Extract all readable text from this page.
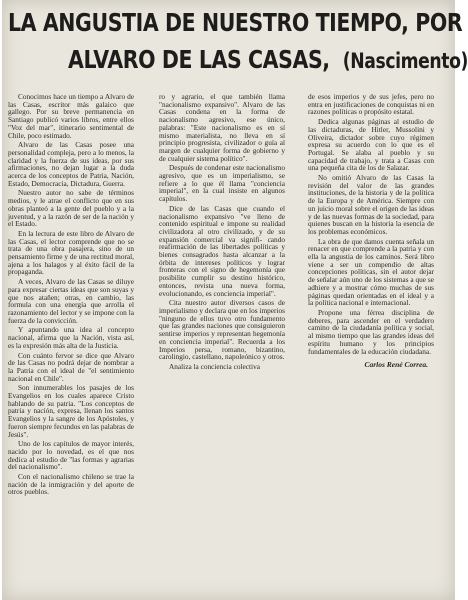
LA ANGUSTIA DE NUESTRO TIEMPO, POR
ALVARO DE LAS CASAS, (Nascimento)

Conocimos hace un tiempo a Alvaro de las Casas, escritor más galaico que gallego. Por su breve permanencia en Santiago publicó varios libros, entre ellos "Voz del mar", itinerario sentimental de Chile, poco estimado.

Alvaro de las Casas posee una personalidad compleja, pero a lo menos, la claridad y la fuerza de sus ideas, por sus afirmaciones, no dejan lugar a la duda acerca de los conceptos de Patria, Nación, Estado, Democracia, Dictadura, Guerra.

Nuestro autor no sabe de términos medios, y le atrae el conflicto que en sus obras planteó a la gente del pueblo y a la juventud, y a la razón de ser de la nación y el Estado.

En la lectura de este libro de Alvaro de las Casas, el lector comprende que no se trata de una obra pasajera, sino de un pensamiento firme y de una rectitud moral, ajena a los halagos y al éxito fácil de la propaganda.

A veces, Alvaro de las Casas se diluye para expresar ciertas ideas que son suyas y que nos atañen; otras, en cambio, las formula con una energía que arrolla el razonamiento del lector y se impone con la fuerza de la convicción.

Y apuntando una idea al concepto nacional, afirma que la Nación, vista así, es la expresión más alta de la Justicia.

Con cuánto fervor se dice que Alvaro de las Casas no podrá dejar de nombrar a la Patria con el ideal de "el sentimiento nacional en Chile".

Son innumerables los pasajes de los Evangelios en los cuales aparece Cristo hablando de su patria. "Los conceptos de patria y nación, expresa, llenan los santos Evangelios y la sangre de los Apóstoles, y fueron siempre fecundos en las palabras de Jesús".

Uno de los capítulos de mayor interés, nacido por lo novedad, es el que nos dedica al estudio de "las formas y agrarias del nacionalismo".

Con el nacionalismo chileno se trae la nación de la inmigración y del aporte de otros pueblos.

ro y agrario, el que también llama "nacionalismo expansivo". Alvaro de las Casas condena en la forma de nacionalismo agresivo, ese único, palabras: "Este nacionalismo es en sí mismo materialista, no lleva en sí principio progresista, civilizador o guía al margen de cualquier forma de gobierno y de cualquier sistema político".

Después de condenar este nacionalismo agresivo, que es un imperialismo, se refiere a lo que él llama "conciencia imperial", en la cual insiste en algunos capítulos.

Dice de las Casas que cuando el nacionalismo expansivo "ve lleno de contenido espiritual e impone su realidad civilizadora al otro civilizado, y de su expansión comercial va signifi- cando reafirmación de las libertades políticas y bienes consagrados hasta alcanzar a la órbita de intereses políticos y lograr fronteras con el signo de hegemonía que posibilite cumplir su destino histórico, entonces, revista una nueva forma, evolucionando, es conciencia imperial".

Cita nuestro autor diversos casos de imperialismo y declara que en los imperios "ninguno de ellos tuvo otro fundamento que las grandes naciones que consiguieron sentirse imperios y representan hegemonía en conciencia imperial". Recuerda a los Imperios persa, romano, bizantino, carolingio, castellano, napoleónico y otros.

Analiza la conciencia colectiva

de esos imperios y de sus jefes, pero no entra en justificaciones de conquistas ni en razones políticas o propósito estatal.

Dedica algunas páginas al estudio de las dictaduras, de Hitler, Mussolini y Oliveira, dictador sobre cuyo régimen expresa su acuerdo con lo que es el Portugal. Se alaba al pueblo y su capacidad de trabajo, y trata a Casas con una pequeña cita de los de Salazar.

No omitió Alvaro de las Casas la revisión del valor de las grandes instituciones, de la historia y de la política de la Europa y de América. Siempre con un juicio moral sobre el origen de las ideas y de las nuevas formas de la sociedad, para quienes buscan en la historia la esencia de los problemas económicos.

La obra de que damos cuenta señala un renacer en que comprende a la patria y con ella la angustia de los caminos. Será libro viene a ser un compendio de altas concepciones políticas, sin el autor dejar de señalar aún uno de los sistemas a que se adhiere y a mostrar cómo muchas de sus páginas quedan orientadas en el ideal y a la política nacional e internacional.

Propone una férrea disciplina de deberes, para ascender en el verdadero camino de la ciudadanía política y social, al mismo tiempo que las grandes ideas del espíritu humano y los principios fundamentales de la educación ciudadana.

Carlos René Correa.
